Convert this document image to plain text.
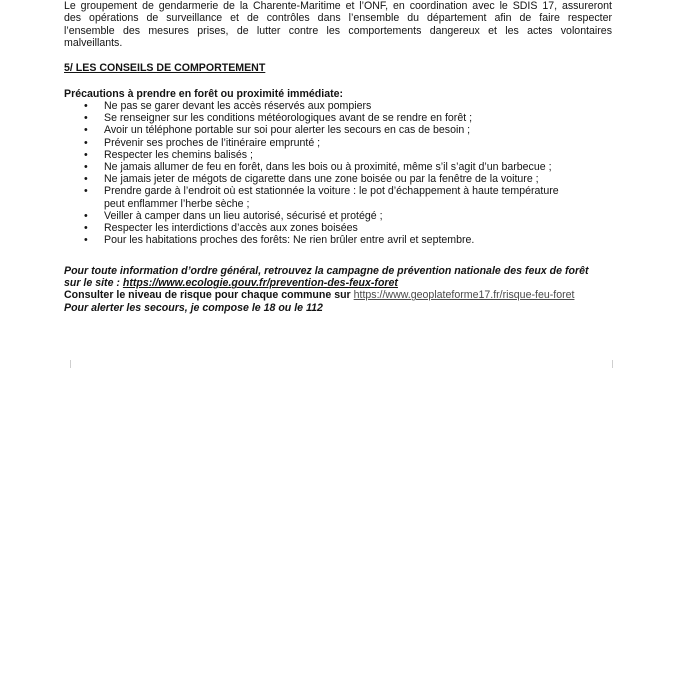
Le groupement de gendarmerie de la Charente-Maritime et l’ONF, en coordination avec le SDIS 17, assureront
des opérations de surveillance et de contrôles dans l’ensemble du département afin de faire respecter
l’ensemble des mesures prises, de lutter contre les comportements dangereux et les actes volontaires
malveillants.
5/ LES CONSEILS DE COMPORTEMENT
Précautions à prendre en forêt ou proximité immédiate:
• Ne pas se garer devant les accès réservés aux pompiers
• Se renseigner sur les conditions météorologiques avant de se rendre en forêt ;
• Avoir un téléphone portable sur soi pour alerter les secours en cas de besoin ;
• Prévenir ses proches de l’itinéraire emprunté ;
• Respecter les chemins balisés ;
• Ne jamais allumer de feu en forêt, dans les bois ou à proximité, même s’il s’agit d’un barbecue ;
• Ne jamais jeter de mégots de cigarette dans une zone boisée ou par la fenêtre de la voiture ;
• Prendre garde à l’endroit où est stationnée la voiture : le pot d’échappement à haute température
peut enflammer l’herbe sèche ;
• Veiller à camper dans un lieu autorisé, sécurisé et protégé ;
• Respecter les interdictions d’accès aux zones boisées
• Pour les habitations proches des forêts: Ne rien brûler entre avril et septembre.
Pour toute information d’ordre général, retrouvez la campagne de prévention nationale des feux de forêt
sur le site : https://www.ecologie.gouv.fr/prevention-des-feux-foret
Consulter le niveau de risque pour chaque commune sur https://www.geoplateforme17.fr/risque-feu-foret
Pour alerter les secours, je compose le 18 ou le 112
